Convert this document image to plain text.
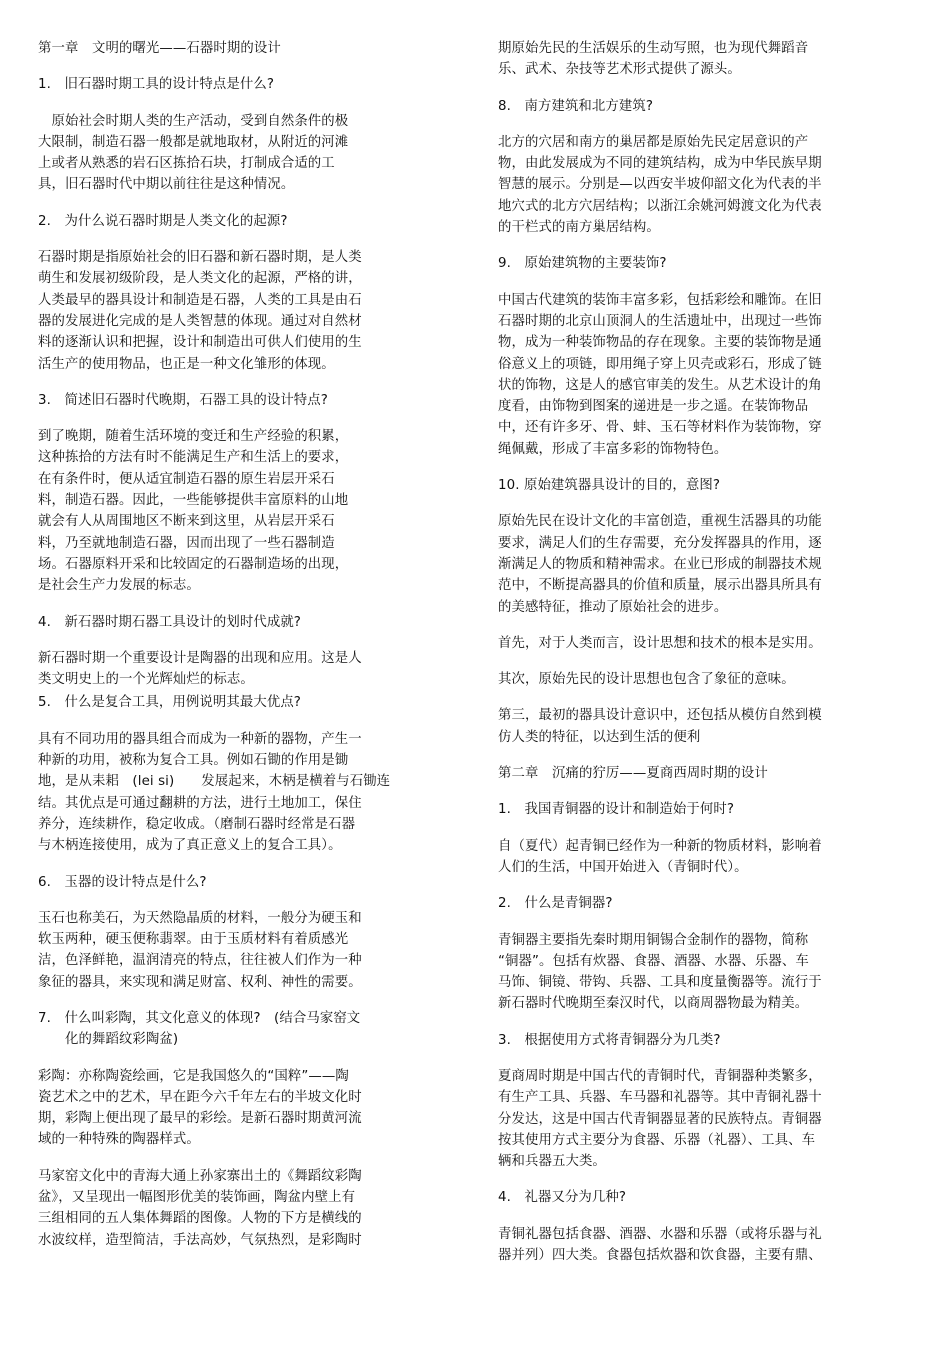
第一章　文明的曙光——石器时期的设计

1.　旧石器时期工具的设计特点是什么?

　原始社会时期人类的生产活动，受到自然条件的极
大限制，制造石器一般都是就地取材，从附近的河滩
上或者从熟悉的岩石区拣拾石块，打制成合适的工
具，旧石器时代中期以前往往是这种情况。

2.　为什么说石器时期是人类文化的起源?

石器时期是指原始社会的旧石器和新石器时期，是人类
萌生和发展初级阶段，是人类文化的起源，严格的讲，
人类最早的器具设计和制造是石器，人类的工具是由石
器的发展进化完成的是人类智慧的体现。通过对自然材
料的逐渐认识和把握，设计和制造出可供人们使用的生
活生产的使用物品，也正是一种文化雏形的体现。

3.　简述旧石器时代晚期，石器工具的设计特点?

到了晚期，随着生活环境的变迁和生产经验的积累，
这种拣拾的方法有时不能满足生产和生活上的要求，
在有条件时，便从适宜制造石器的原生岩层开采石
料，制造石器。因此，一些能够提供丰富原料的山地
就会有人从周围地区不断来到这里，从岩层开采石
料，乃至就地制造石器，因而出现了一些石器制造
场。石器原料开采和比较固定的石器制造场的出现，
是社会生产力发展的标志。

4.　新石器时期石器工具设计的划时代成就?

新石器时期一个重要设计是陶器的出现和应用。这是人
类文明史上的一个光辉灿烂的标志。

5.　什么是复合工具，用例说明其最大优点?

具有不同功用的器具组合而成为一种新的器物，产生一
种新的功用，被称为复合工具。例如石锄的作用是锄
地，是从耒耜　(lei si)　　发展起来，木柄是横着与石锄连
结。其优点是可通过翻耕的方法，进行土地加工，保住
养分，连续耕作，稳定收成。（磨制石器时经常是石器
与木柄连接使用，成为了真正意义上的复合工具）。

6.　玉器的设计特点是什么?

玉石也称美石，为天然隐晶质的材料，一般分为硬玉和
软玉两种，硬玉便称翡翠。由于玉质材料有着质感光
洁，色泽鲜艳，温润清亮的特点，往往被人们作为一种
象征的器具，来实现和满足财富、权利、神性的需要。

7.　什么叫彩陶，其文化意义的体现?　(结合马家窑文
　　化的舞蹈纹彩陶盆)

彩陶：亦称陶瓷绘画，它是我国悠久的“国粹”——陶
瓷艺术之中的艺术，早在距今六千年左右的半坡文化时
期，彩陶上便出现了最早的彩绘。是新石器时期黄河流
域的一种特殊的陶器样式。

马家窑文化中的青海大通上孙家寨出土的《舞蹈纹彩陶
盆》，又呈现出一幅图形优美的装饰画，陶盆内壁上有
三组相同的五人集体舞蹈的图像。人物的下方是横线的
水波纹样，造型简洁，手法高妙，气氛热烈，是彩陶时

期原始先民的生活娱乐的生动写照，也为现代舞蹈音
乐、武术、杂技等艺术形式提供了源头。

8.　南方建筑和北方建筑?

北方的穴居和南方的巢居都是原始先民定居意识的产
物，由此发展成为不同的建筑结构，成为中华民族早期
智慧的展示。分别是—以西安半坡仰韶文化为代表的半
地穴式的北方穴居结构；以浙江余姚河姆渡文化为代表
的干栏式的南方巢居结构。

9.　原始建筑物的主要装饰?

中国古代建筑的装饰丰富多彩，包括彩绘和雕饰。在旧
石器时期的北京山顶洞人的生活遗址中，出现过一些饰
物，成为一种装饰物品的存在现象。主要的装饰物是通
俗意义上的项链，即用绳子穿上贝壳或彩石，形成了链
状的饰物，这是人的感官审美的发生。从艺术设计的角
度看，由饰物到图案的递进是一步之遥。在装饰物品
中，还有许多牙、骨、蚌、玉石等材料作为装饰物，穿
绳佩戴，形成了丰富多彩的饰物特色。

10. 原始建筑器具设计的目的，意图?

原始先民在设计文化的丰富创造，重视生活器具的功能
要求，满足人们的生存需要，充分发挥器具的作用，逐
渐满足人的物质和精神需求。在业已形成的制器技术规
范中，不断提高器具的价值和质量，展示出器具所具有
的美感特征，推动了原始社会的进步。

首先，对于人类而言，设计思想和技术的根本是实用。

其次，原始先民的设计思想也包含了象征的意味。

第三，最初的器具设计意识中，还包括从模仿自然到模
仿人类的特征，以达到生活的便利

第二章　沉痛的狞厉——夏商西周时期的设计

1.　我国青铜器的设计和制造始于何时?

自（夏代）起青铜已经作为一种新的物质材料，影响着
人们的生活，中国开始进入（青铜时代）。

2.　什么是青铜器?

青铜器主要指先秦时期用铜锡合金制作的器物，简称
“铜器”。包括有炊器、食器、酒器、水器、乐器、车
马饰、铜镜、带钩、兵器、工具和度量衡器等。流行于
新石器时代晚期至秦汉时代，以商周器物最为精美。

3.　根据使用方式将青铜器分为几类?

夏商周时期是中国古代的青铜时代，青铜器种类繁多，
有生产工具、兵器、车马器和礼器等。其中青铜礼器十
分发达，这是中国古代青铜器显著的民族特点。青铜器
按其使用方式主要分为食器、乐器（礼器）、工具、车
辆和兵器五大类。

4.　礼器又分为几种?

青铜礼器包括食器、酒器、水器和乐器（或将乐器与礼
器并列）四大类。食器包括炊器和饮食器，主要有鼎、
